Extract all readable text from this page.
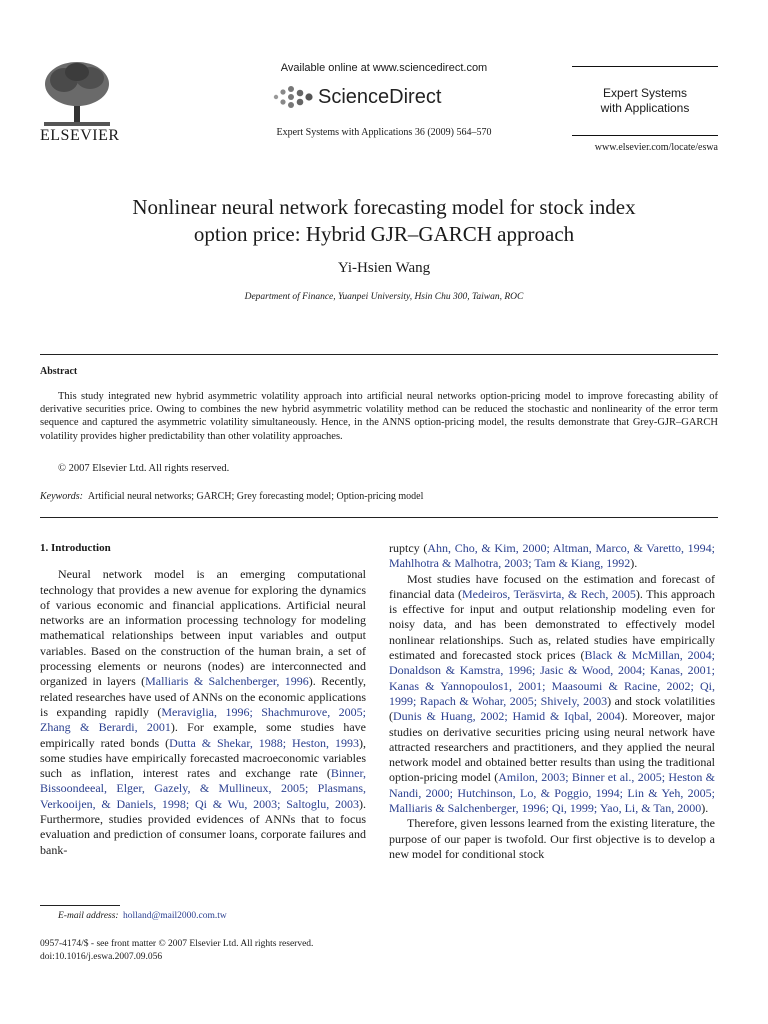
ELSEVIER
Available online at www.sciencedirect.com
ScienceDirect
Expert Systems with Applications 36 (2009) 564–570
Expert Systems
with Applications
www.elsevier.com/locate/eswa
Nonlinear neural network forecasting model for stock index
option price: Hybrid GJR–GARCH approach
Yi-Hsien Wang
Department of Finance, Yuanpei University, Hsin Chu 300, Taiwan, ROC
Abstract
This study integrated new hybrid asymmetric volatility approach into artificial neural networks option-pricing model to improve forecasting ability of derivative securities price. Owing to combines the new hybrid asymmetric volatility method can be reduced the stochastic and nonlinearity of the error term sequence and captured the asymmetric volatility simultaneously. Hence, in the ANNS option-pricing model, the results demonstrate that Grey-GJR–GARCH volatility provides higher predictability than other volatility approaches.
© 2007 Elsevier Ltd. All rights reserved.
Keywords: Artificial neural networks; GARCH; Grey forecasting model; Option-pricing model
1. Introduction

Neural network model is an emerging computational technology that provides a new avenue for exploring the dynamics of various economic and financial applications. Artificial neural networks are an information processing technology for modeling mathematical relationships between input variables and output variables. Based on the construction of the human brain, a set of processing elements or neurons (nodes) are interconnected and organized in layers (Malliaris & Salchenberger, 1996). Recently, related researches have used of ANNs on the economic applications is expanding rapidly (Meraviglia, 1996; Shachmurove, 2005; Zhang & Berardi, 2001). For example, some studies have empirically rated bonds (Dutta & Shekar, 1988; Heston, 1993), some studies have empirically forecasted macroeconomic variables such as inflation, interest rates and exchange rate (Binner, Bissoondeeal, Elger, Gazely, & Mullineux, 2005; Plasmans, Verkooijen, & Daniels, 1998; Qi & Wu, 2003; Saltoglu, 2003). Furthermore, studies provided evidences of ANNs that to focus evaluation and prediction of consumer loans, corporate failures and bank-

ruptcy (Ahn, Cho, & Kim, 2000; Altman, Marco, & Varetto, 1994; Mahlhotra & Malhotra, 2003; Tam & Kiang, 1992).

Most studies have focused on the estimation and forecast of financial data (Medeiros, Teräsvirta, & Rech, 2005). This approach is effective for input and output relationship modeling even for noisy data, and has been demonstrated to effectively model nonlinear relationships. Such as, related studies have empirically estimated and forecasted stock prices (Black & McMillan, 2004; Donaldson & Kamstra, 1996; Jasic & Wood, 2004; Kanas, 2001; Kanas & Yannopoulos1, 2001; Maasoumi & Racine, 2002; Qi, 1999; Rapach & Wohar, 2005; Shively, 2003) and stock volatilities (Dunis & Huang, 2002; Hamid & Iqbal, 2004). Moreover, major studies on derivative securities pricing using neural network have attracted researchers and practitioners, and they applied the neural network model and obtained better results than using the traditional option-pricing model (Amilon, 2003; Binner et al., 2005; Heston & Nandi, 2000; Hutchinson, Lo, & Poggio, 1994; Lin & Yeh, 2005; Malliaris & Salchenberger, 1996; Qi, 1999; Yao, Li, & Tan, 2000).

Therefore, given lessons learned from the existing literature, the purpose of our paper is twofold. Our first objective is to develop a new model for conditional stock

E-mail address: holland@mail2000.com.tw
0957-4174/$ - see front matter © 2007 Elsevier Ltd. All rights reserved.
doi:10.1016/j.eswa.2007.09.056
